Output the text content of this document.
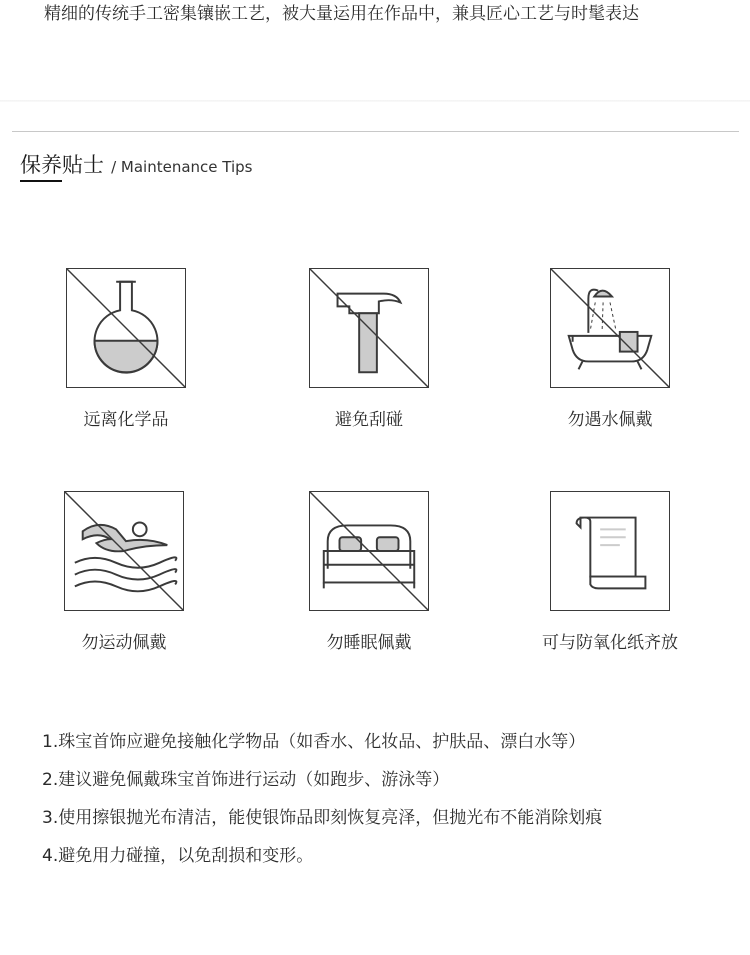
精细的传统手工密集镶嵌工艺，被大量运用在作品中，兼具匠心工艺与时髦表达
保养贴士 / Maintenance Tips
远离化学品	避免刮碰	勿遇水佩戴
勿运动佩戴	勿睡眠佩戴	可与防氧化纸齐放
1.珠宝首饰应避免接触化学物品（如香水、化妆品、护肤品、漂白水等）
2.建议避免佩戴珠宝首饰进行运动（如跑步、游泳等）
3.使用擦银抛光布清洁，能使银饰品即刻恢复亮泽，但抛光布不能消除划痕
4.避免用力碰撞，以免刮损和变形。
